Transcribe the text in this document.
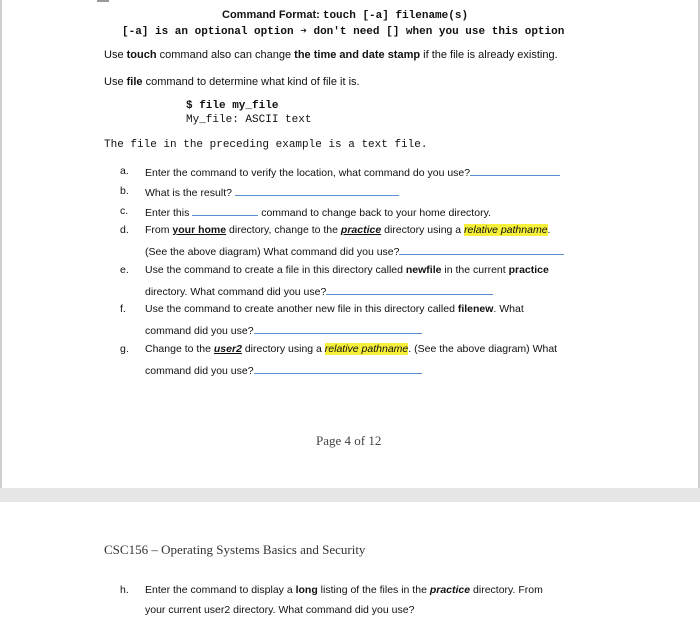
Command Format: touch [-a] filename(s)
[-a] is an optional option ➔ don't need [] when you use this option
Use touch command also can change the time and date stamp if the file is already existing.
Use file command to determine what kind of file it is.
$ file my_file
My_file: ASCII text
The file in the preceding example is a text file.
a. Enter the command to verify the location, what command do you use?
b. What is the result?
c. Enter this	command to change back to your home directory.
d. From your home directory, change to the practice directory using a relative pathname.
(See the above diagram) What command did you use?
e. Use the command to create a file in this directory called newfile in the current practice
directory. What command did you use?
f. Use the command to create another new file in this directory called filenew. What
command did you use?
g. Change to the user2 directory using a relative pathname. (See the above diagram) What
command did you use?
Page 4 of 12
CSC156 – Operating Systems Basics and Security
h. Enter the command to display a long listing of the files in the practice directory. From
your current user2 directory. What command did you use?
